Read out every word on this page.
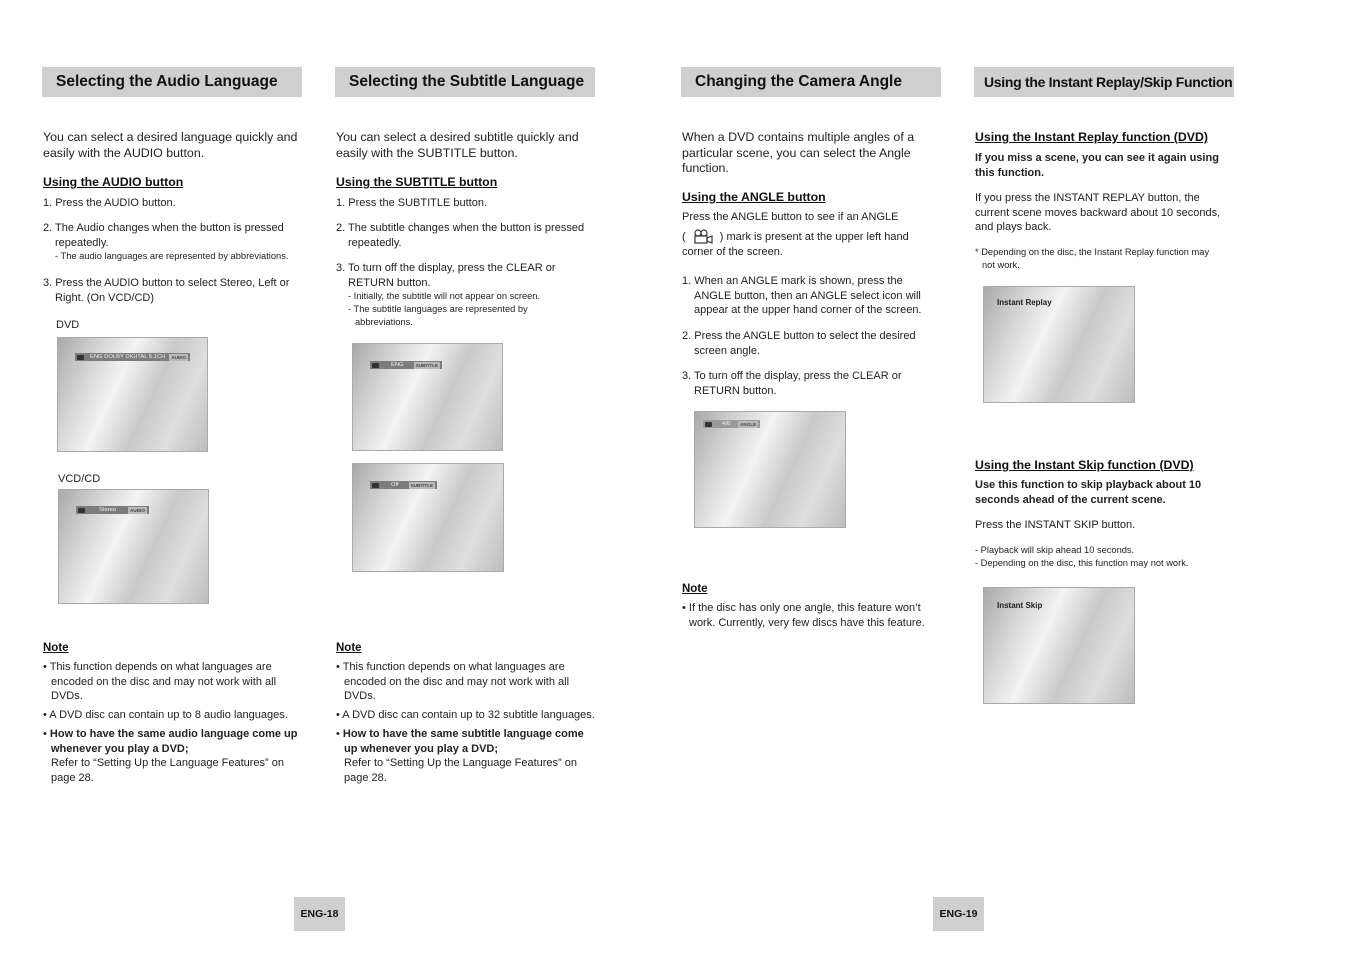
Selecting the Audio Language
You can select a desired language quickly and easily with the AUDIO button.
Using the AUDIO button
1. Press the AUDIO button.
2. The Audio changes when the button is pressed
repeatedly.
- The audio languages are represented by abbreviations.
3. Press the AUDIO button to select Stereo, Left or
Right. (On VCD/CD)
DVD
ENG DOLBY DIGITAL 5.1CH	AUDIO
VCD/CD
Stereo	AUDIO
Note
• This function depends on what languages are encoded on the disc and may not work with all DVDs.
• A DVD disc can contain up to 8 audio languages.
• How to have the same audio language come up whenever you play a DVD;
Refer to “Setting Up the Language Features” on page 28.
Selecting the Subtitle Language
You can select a desired subtitle quickly and easily with the SUBTITLE button.
Using the SUBTITLE button
1. Press the SUBTITLE button.
2. The subtitle changes when the button is pressed
repeatedly.
3. To turn off the display, press the CLEAR or
RETURN button.
- Initially, the subtitle will not appear on screen.
- The subtitle languages are represented by
abbreviations.
ENG	SUBTITLE
Off	SUBTITLE
Note
• This function depends on what languages are encoded on the disc and may not work with all DVDs.
• A DVD disc can contain up to 32 subtitle languages.
• How to have the same subtitle language come up whenever you play a DVD;
Refer to “Setting Up the Language Features” on page 28.
ENG-18
Changing the Camera Angle
When a DVD contains multiple angles of a particular scene, you can select the Angle function.
Using the ANGLE button
Press the ANGLE button to see if an ANGLE
(	) mark is present at the upper left hand
corner of the screen.
1. When an ANGLE mark is shown, press the
ANGLE button, then an ANGLE select icon will
appear at the upper hand corner of the screen.
2. Press the ANGLE button to select the desired
screen angle.
3. To turn off the display, press the CLEAR or
RETURN button.
4/6	ANGLE
Note
• If the disc has only one angle, this feature won’t
work. Currently, very few discs have this feature.
Using the Instant Replay/Skip Function
Using the Instant Replay function (DVD)
If you miss a scene, you can see it again using this function.
If you press the INSTANT REPLAY button, the current scene moves backward about 10 seconds, and plays back.
* Depending on the disc, the Instant Replay function may
not work.
Instant Replay
Using the Instant Skip function (DVD)
Use this function to skip playback about 10 seconds ahead of the current scene.
Press the INSTANT SKIP button.
- Playback will skip ahead 10 seconds.
- Depending on the disc, this function may not work.
Instant Skip
ENG-19
